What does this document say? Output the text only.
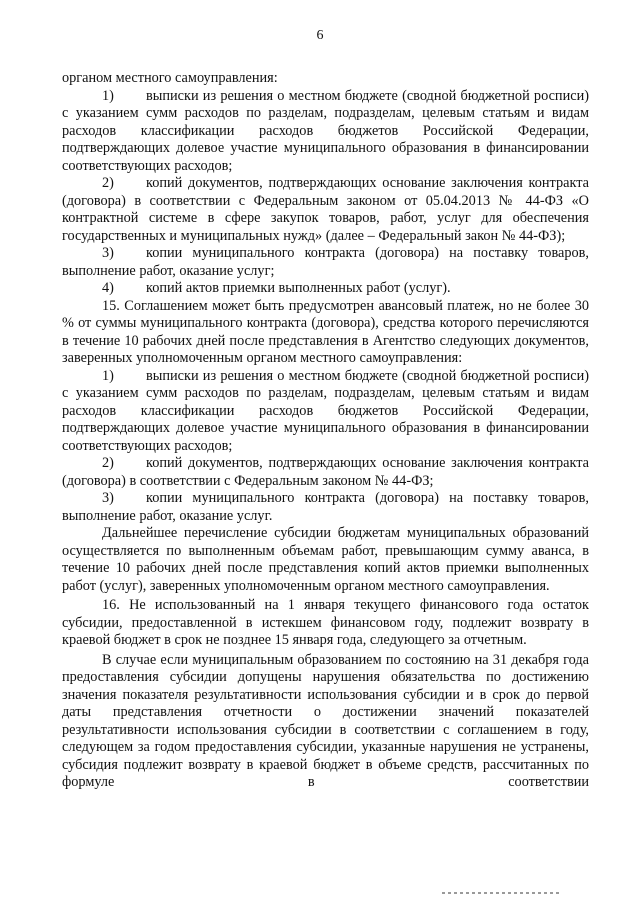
6

органом местного самоуправления:

1) выписки из решения о местном бюджете (сводной бюджетной росписи) с указанием сумм расходов по разделам, подразделам, целевым статьям и видам расходов классификации расходов бюджетов Российской Федерации, подтверждающих долевое участие муниципального образования в финансировании соответствующих расходов;

2) копий документов, подтверждающих основание заключения контракта (договора) в соответствии с Федеральным законом от 05.04.2013 № 44-ФЗ «О контрактной системе в сфере закупок товаров, работ, услуг для обеспечения государственных и муниципальных нужд» (далее – Федеральный закон № 44-ФЗ);

3) копии муниципального контракта (договора) на поставку товаров, выполнение работ, оказание услуг;

4) копий актов приемки выполненных работ (услуг).

15. Соглашением может быть предусмотрен авансовый платеж, но не более 30 % от суммы муниципального контракта (договора), средства которого перечисляются в течение 10 рабочих дней после представления в Агентство следующих документов, заверенных уполномоченным органом местного самоуправления:

1) выписки из решения о местном бюджете (сводной бюджетной росписи) с указанием сумм расходов по разделам, подразделам, целевым статьям и видам расходов классификации расходов бюджетов Российской Федерации, подтверждающих долевое участие муниципального образования в финансировании соответствующих расходов;

2) копий документов, подтверждающих основание заключения контракта (договора) в соответствии с Федеральным законом № 44-ФЗ;

3) копии муниципального контракта (договора) на поставку товаров, выполнение работ, оказание услуг.

Дальнейшее перечисление субсидии бюджетам муниципальных образований осуществляется по выполненным объемам работ, превышающим сумму аванса, в течение 10 рабочих дней после представления копий актов приемки выполненных работ (услуг), заверенных уполномоченным органом местного самоуправления.

16. Не использованный на 1 января текущего финансового года остаток субсидии, предоставленной в истекшем финансовом году, подлежит возврату в краевой бюджет в срок не позднее 15 января года, следующего за отчетным.

В случае если муниципальным образованием по состоянию на 31 декабря года предоставления субсидии допущены нарушения обязательства по достижению значения показателя результативности использования субсидии и в срок до первой даты представления отчетности о достижении значений показателей результативности использования субсидии в соответствии с соглашением в году, следующем за годом предоставления субсидии, указанные нарушения не устранены, субсидия подлежит возврату в краевой бюджет в объеме средств, рассчитанных по формуле в соответствии
